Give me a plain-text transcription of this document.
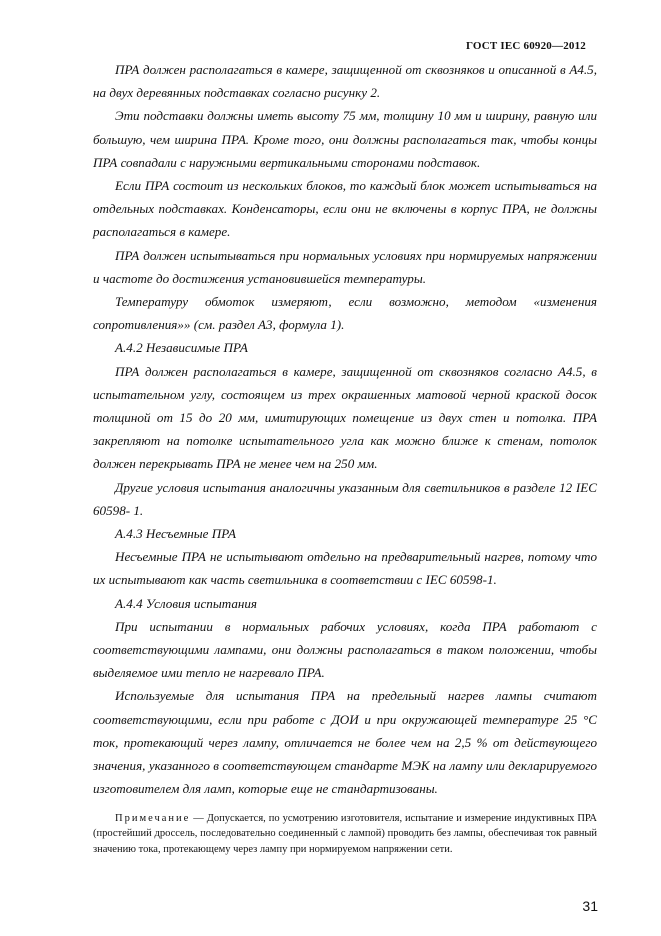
ГОСТ IEC 60920—2012

ПРА должен располагаться в камере, защищенной от сквозняков и описанной в А4.5, на двух деревянных подставках согласно рисунку 2.

Эти подставки должны иметь высоту 75 мм, толщину 10 мм и ширину, равную или большую, чем ширина ПРА. Кроме того, они должны располагаться так, чтобы концы ПРА совпадали с наружными вертикальными сторонами подставок.

Если ПРА состоит из нескольких блоков, то каждый блок может испытываться на отдельных подставках. Конденсаторы, если они не включены в корпус ПРА, не должны располагаться в камере.

ПРА должен испытываться при нормальных условиях при нормируемых напряжении и частоте до достижения установившейся температуры.

Температуру обмоток измеряют, если возможно, методом «изменения сопротивления»» (см. раздел А3, формула 1).

А.4.2 Независимые ПРА

ПРА должен располагаться в камере, защищенной от сквозняков согласно А4.5, в испытательном углу, состоящем из трех окрашенных матовой черной краской досок толщиной от 15 до 20 мм, имитирующих помещение из двух стен и потолка. ПРА закрепляют на потолке испытательного угла как можно ближе к стенам, потолок должен перекрывать ПРА не менее чем на 250 мм.

Другие условия испытания аналогичны указанным для светильников в разделе 12 IEC 60598- 1.

А.4.3 Несъемные ПРА

Несъемные ПРА не испытывают отдельно на предварительный нагрев, потому что их испытывают как часть светильника в соответствии с IEC 60598-1.

А.4.4 Условия испытания

При испытании в нормальных рабочих условиях, когда ПРА работают с соответствующими лампами, они должны располагаться в таком положении, чтобы выделяемое ими тепло не нагревало ПРА.

Используемые для испытания ПРА на предельный нагрев лампы считают соответствующими, если при работе с ДОИ и при окружающей температуре 25 °С ток, протекающий через лампу, отличается не более чем на 2,5 % от действующего значения, указанного в соответствующем стандарте МЭК на лампу или декларируемого изготовителем для ламп, которые еще не стандартизованы.

Примечание — Допускается, по усмотрению изготовителя, испытание и измерение индуктивных ПРА (простейший дроссель, последовательно соединенный с лампой) проводить без лампы, обеспечивая ток равный значению тока, протекающему через лампу при нормируемом напряжении сети.
31
